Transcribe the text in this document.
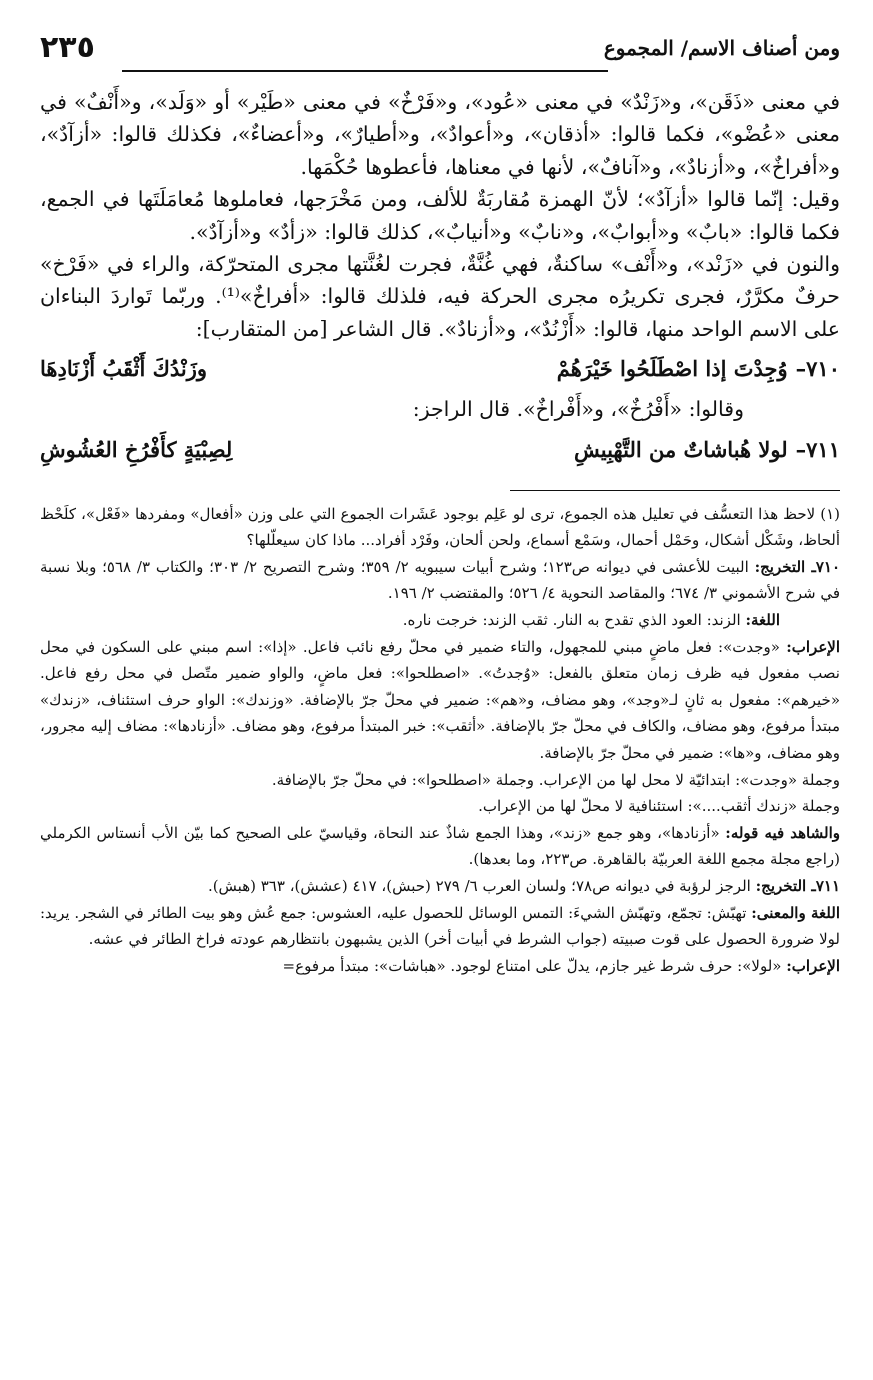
ومن أصناف الاسم/ المجموع
٢٣٥

في معنى «ذَقَن»، و«زَنْدٌ» في معنى «عُود»، و«فَرْخٌ» في معنى «طَيْر» أو «وَلَد»، و«أَنْفٌ» في معنى «عُضْو»، فكما قالوا: «أذقان»، و«أعوادٌ»، و«أطيارٌ»، و«أعضاءٌ»، فكذلك قالوا: «أزآدٌ»، و«أفراخٌ»، و«أزنادٌ»، و«آنافٌ»، لأنها في معناها، فأعطوها حُكْمَها.

وقيل: إنّما قالوا «أزآدٌ»؛ لأنّ الهمزة مُقاربَةٌ للألف، ومن مَخْرَجها، فعاملوها مُعامَلَتَها في الجمع، فكما قالوا: «بابٌ» و«أبوابٌ»، و«نابٌ» و«أنيابٌ»، كذلك قالوا: «زأدٌ» و«أزآدٌ».

والنون في «زَنْد»، و«أَنْف» ساكنةٌ، فهي غُنَّةٌ، فجرت لغُنَّتها مجرى المتحرّكة، والراء في «فَرْخ» حرفٌ مكرَّرٌ، فجرى تكريرُه مجرى الحركة فيه، فلذلك قالوا: «أفراخٌ»⁽¹⁾. وربّما تَواردَ البناءان على الاسم الواحد منها، قالوا: «أَزْنُدٌ»، و«أزنادٌ». قال الشاعر [من المتقارب]:

٧١٠–وُجِدْتَ إذا اصْطَلَحُوا خَيْرَهُمْ
وزَنْدُكَ أَثْقَبُ أَزْنَادِهَا

وقالوا: «أَفْرُخٌ»، و«أَفْراخٌ». قال الراجز:

٧١١–لولا هُباشاتٌ من التَّهْبِيشِ
لِصِبْيَةٍ كأَفْرُخِ العُشُوشِ

(١) لاحظ هذا التعسُّف في تعليل هذه الجموع، ترى لو عَلِم بوجود عَشَرات الجموع التي على وزن «أفعال» ومفردها «فَعْل»، كلَحْظ ألحاظ، وشَكْل أشكال، وحَمْل أحمال، وسَمْع أسماع، ولحن ألحان، وفَرْد أفراد... ماذا كان سيعلّلها؟

٧١٠ـ التخريج: البيت للأعشى في ديوانه ص١٢٣؛ وشرح أبيات سيبويه ٢/ ٣٥٩؛ وشرح التصريح ٢/ ٣٠٣؛ والكتاب ٣/ ٥٦٨؛ وبلا نسبة في شرح الأشموني ٣/ ٦٧٤؛ والمقاصد النحوية ٤/ ٥٢٦؛ والمقتضب ٢/ ١٩٦.

اللغة: الزند: العود الذي تقدح به النار. ثقب الزند: خرجت ناره.

الإعراب: «وجدت»: فعل ماضٍ مبني للمجهول، والتاء ضمير في محلّ رفع نائب فاعل. «إذا»: اسم مبني على السكون في محل نصب مفعول فيه ظرف زمان متعلق بالفعل: «وُجدتُ». «اصطلحوا»: فعل ماضٍ، والواو ضمير متّصل في محل رفع فاعل. «خيرهم»: مفعول به ثانٍ لـ«وجد»، وهو مضاف، و«هم»: ضمير في محلّ جرّ بالإضافة. «وزندك»: الواو حرف استئناف، «زندك» مبتدأ مرفوع، وهو مضاف، والكاف في محلّ جرّ بالإضافة. «أثقب»: خبر المبتدأ مرفوع، وهو مضاف. «أزنادها»: مضاف إليه مجرور، وهو مضاف، و«ها»: ضمير في محلّ جرّ بالإضافة.

وجملة «وجدت»: ابتدائيّة لا محل لها من الإعراب. وجملة «اصطلحوا»: في محلّ جرّ بالإضافة.

وجملة «زندك أثقب....»: استئنافية لا محلّ لها من الإعراب.

والشاهد فيه قوله: «أزنادها»، وهو جمع «زند»، وهذا الجمع شاذٌ عند النحاة، وقياسيّ على الصحيح كما بيّن الأب أنستاس الكرملي (راجع مجلة مجمع اللغة العربيّة بالقاهرة. ص٢٢٣، وما بعدها).

٧١١ـ التخريج: الرجز لرؤبة في ديوانه ص٧٨؛ ولسان العرب ٦/ ٢٧٩ (حبش)، ٤١٧ (عشش)، ٣٦٣ (هبش).

اللغة والمعنى: تهبّش: تجمّع، وتهبّش الشيءَ: التمس الوسائل للحصول عليه، العشوس: جمع عُش وهو بيت الطائر في الشجر. يريد: لولا ضرورة الحصول على قوت صبيته (جواب الشرط في أبيات أخر) الذين يشبهون بانتظارهم عودته فراخ الطائر في عشه.

الإعراب: «لولا»: حرف شرط غير جازم، يدلّ على امتناع لوجود. «هباشات»: مبتدأ مرفوع=
